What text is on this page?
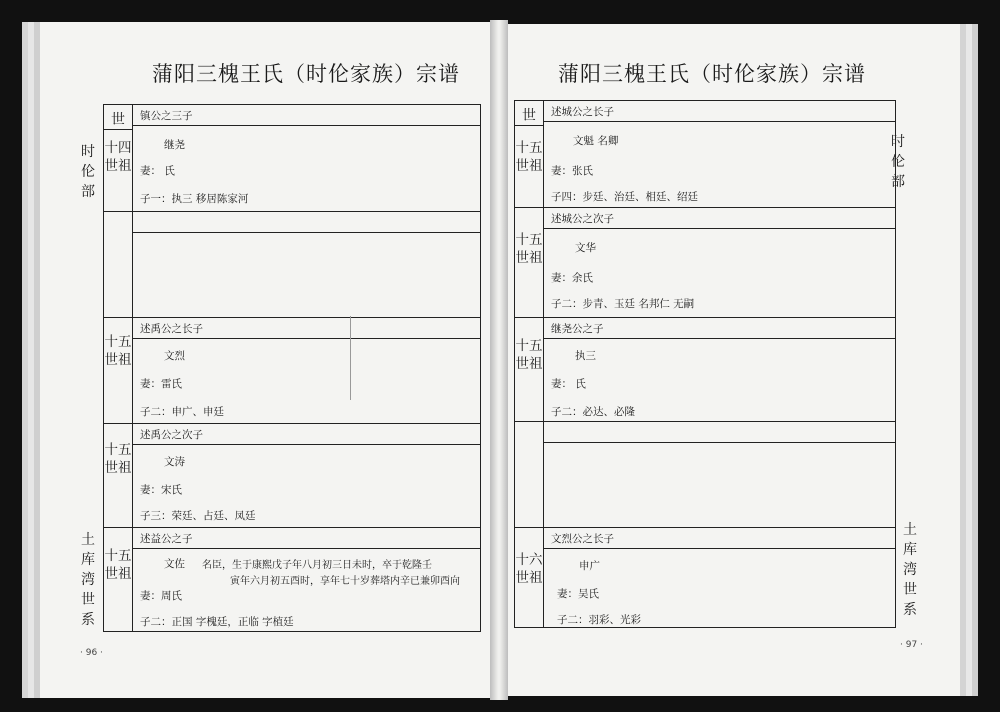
蒲阳三槐王氏（时伦家族）宗谱
时伦部
土库湾世系
· 96 ·
世	镇公之三子
继尧
妻： 氏
子一：执三 移居陈家河
十四世祖
述禹公之长子
文烈
妻：雷氏
子二：申广、申廷
十五世祖
述禹公之次子
文涛
妻：宋氏
子三：荣廷、占廷、凤廷
十五世祖
述益公之子
文佐 名臣，生于康熙戊子年八月初三日未时，卒于乾隆壬
寅年六月初五酉时，享年七十岁葬塔内辛已兼卯酉向
妻：周氏
子二：正国 字槐廷，正临 字植廷
十五世祖
蒲阳三槐王氏（时伦家族）宗谱
时伦部
土库湾世系
· 97 ·
世	述城公之长子
文魁 名卿
妻：张氏
子四：步廷、治廷、相廷、绍廷
十五世祖
述城公之次子
文华
妻：余氏
子二：步青、玉廷 名邦仁 无嗣
十五世祖
继尧公之子
执三
妻： 氏
子二：必达、必隆
十五世祖
文烈公之长子
申广
妻：吴氏
子二：羽彩、光彩
十六世祖
